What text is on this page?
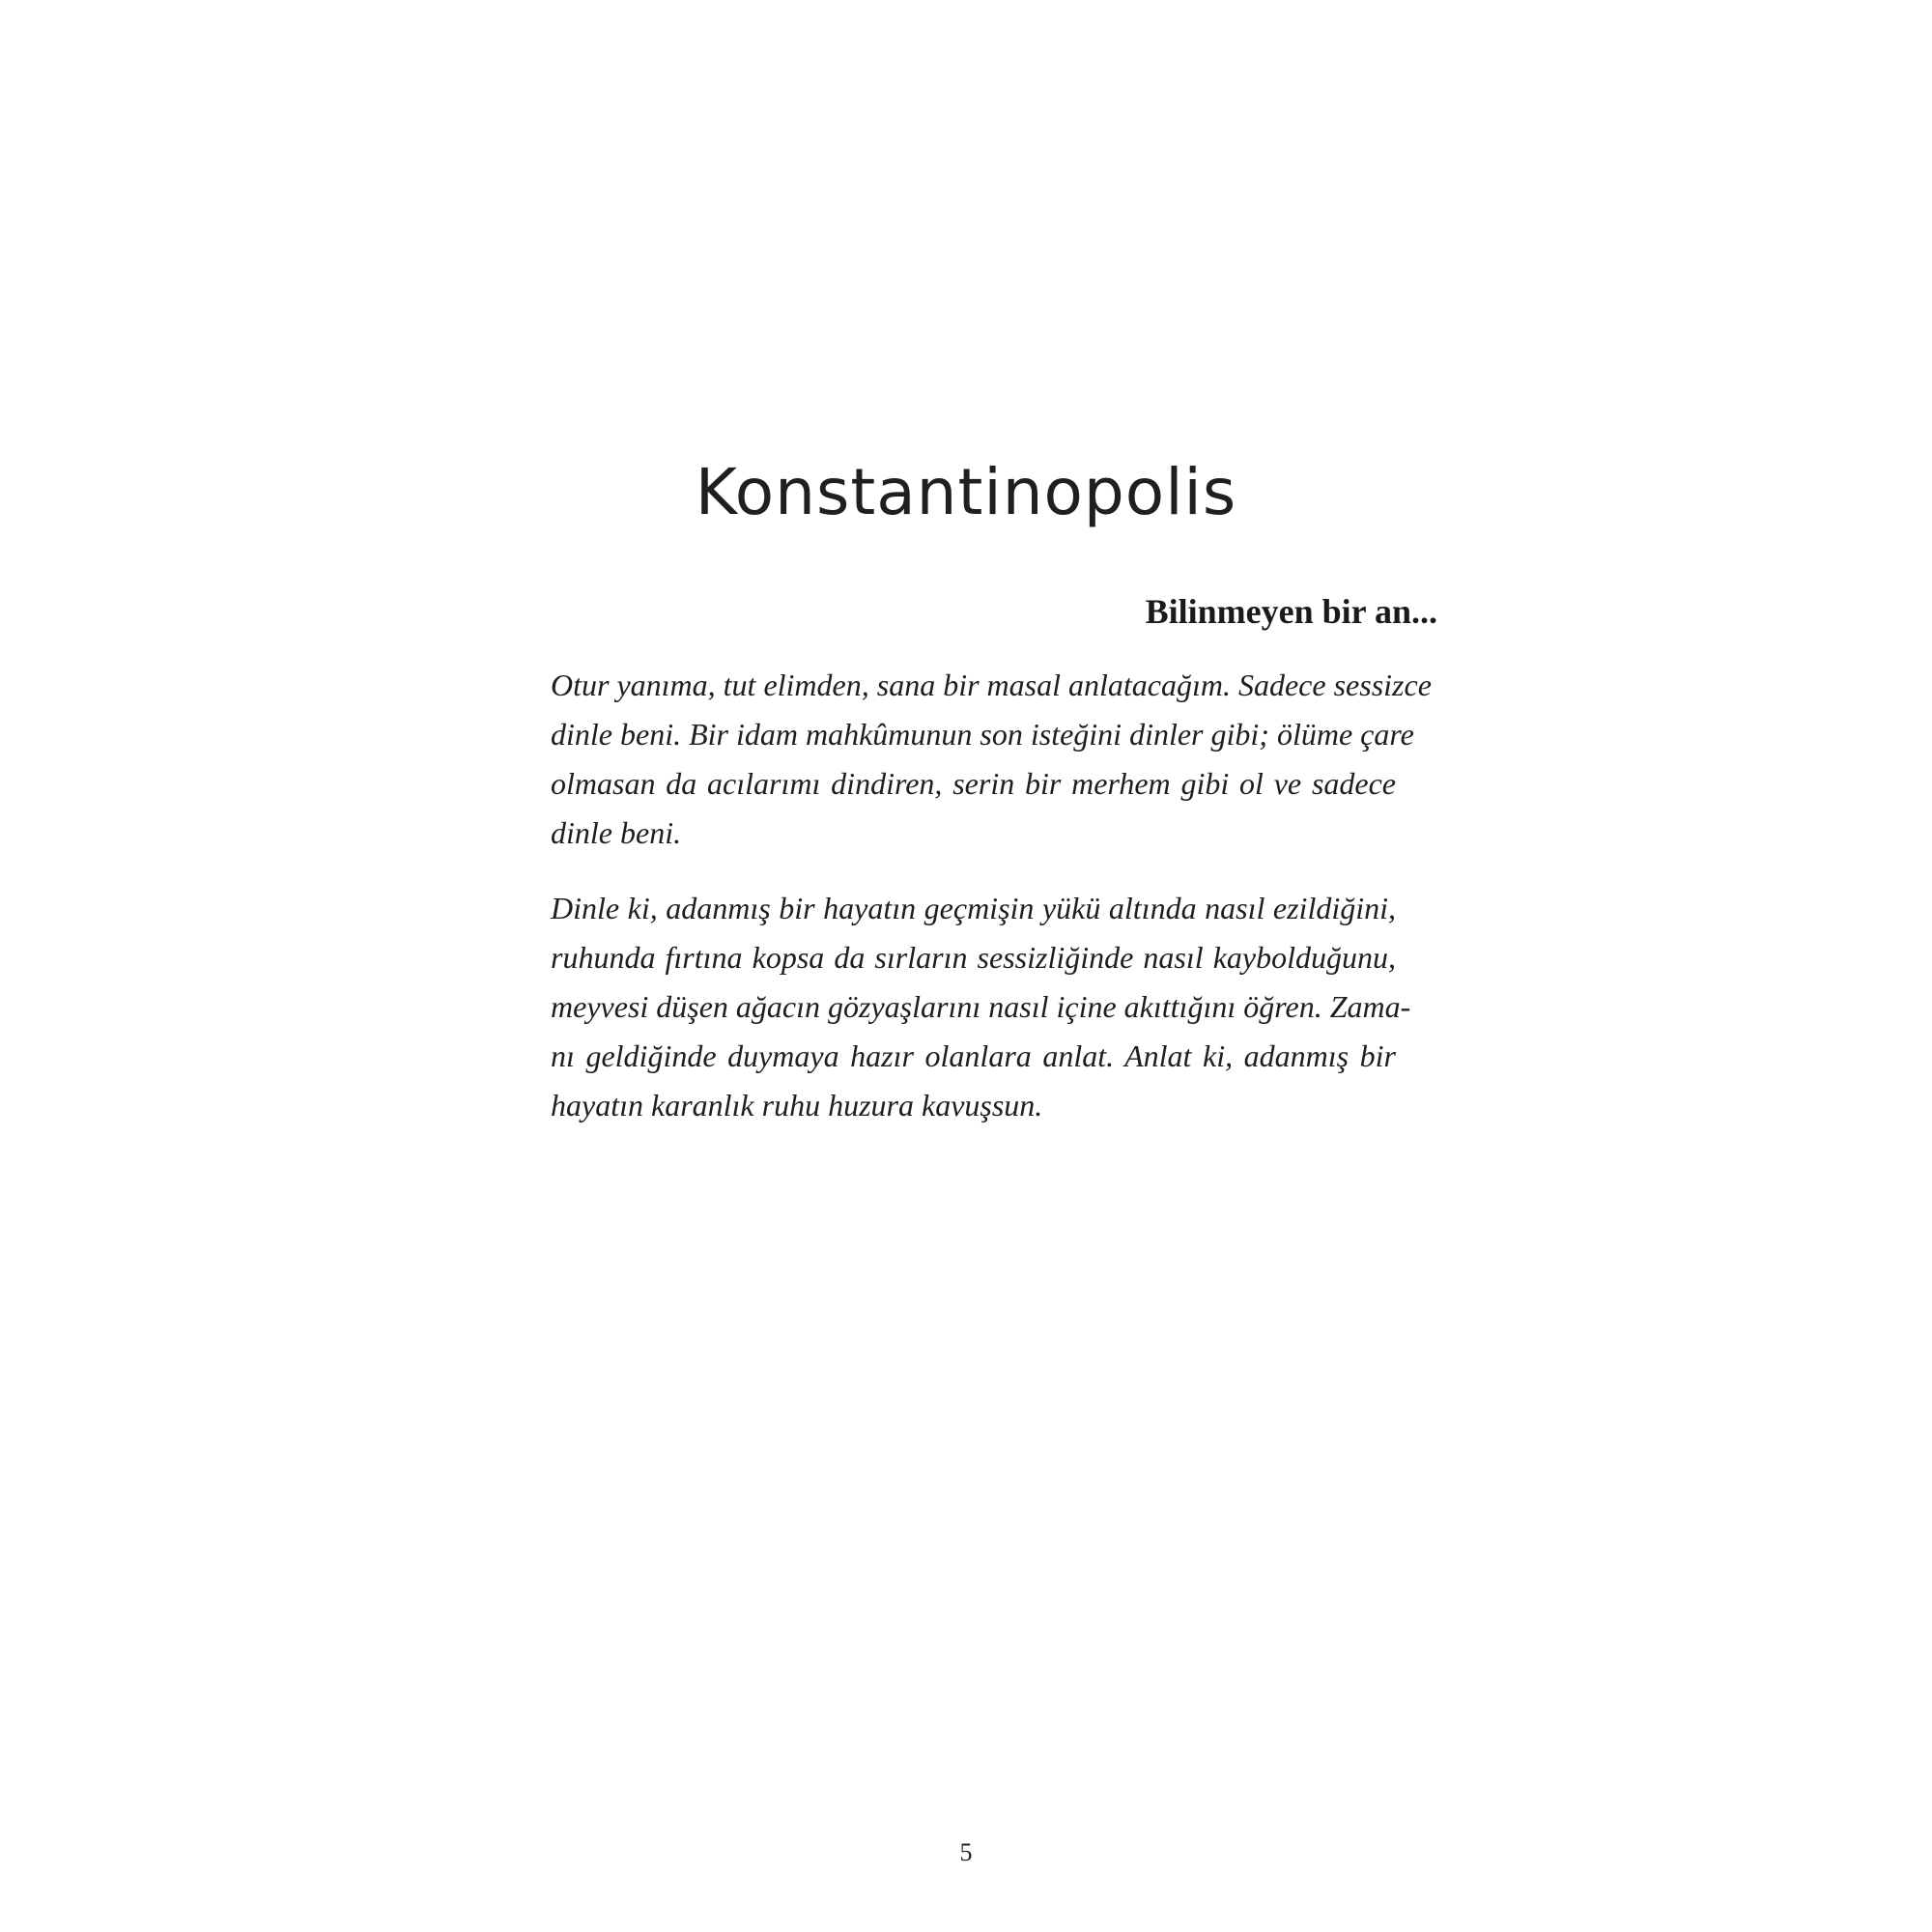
Konstantinopolis
Bilinmeyen bir an...
Otur yanıma, tut elimden, sana bir masal anlatacağım. Sadece sessizce
dinle beni. Bir idam mahkûmunun son isteğini dinler gibi; ölüme çare
olmasan da acılarımı dindiren, serin bir merhem gibi ol ve sadece
dinle beni.
Dinle ki, adanmış bir hayatın geçmişin yükü altında nasıl ezildiğini,
ruhunda fırtına kopsa da sırların sessizliğinde nasıl kaybolduğunu,
meyvesi düşen ağacın gözyaşlarını nasıl içine akıttığını öğren. Zama-
nı geldiğinde duymaya hazır olanlara anlat. Anlat ki, adanmış bir
hayatın karanlık ruhu huzura kavuşsun.
5
